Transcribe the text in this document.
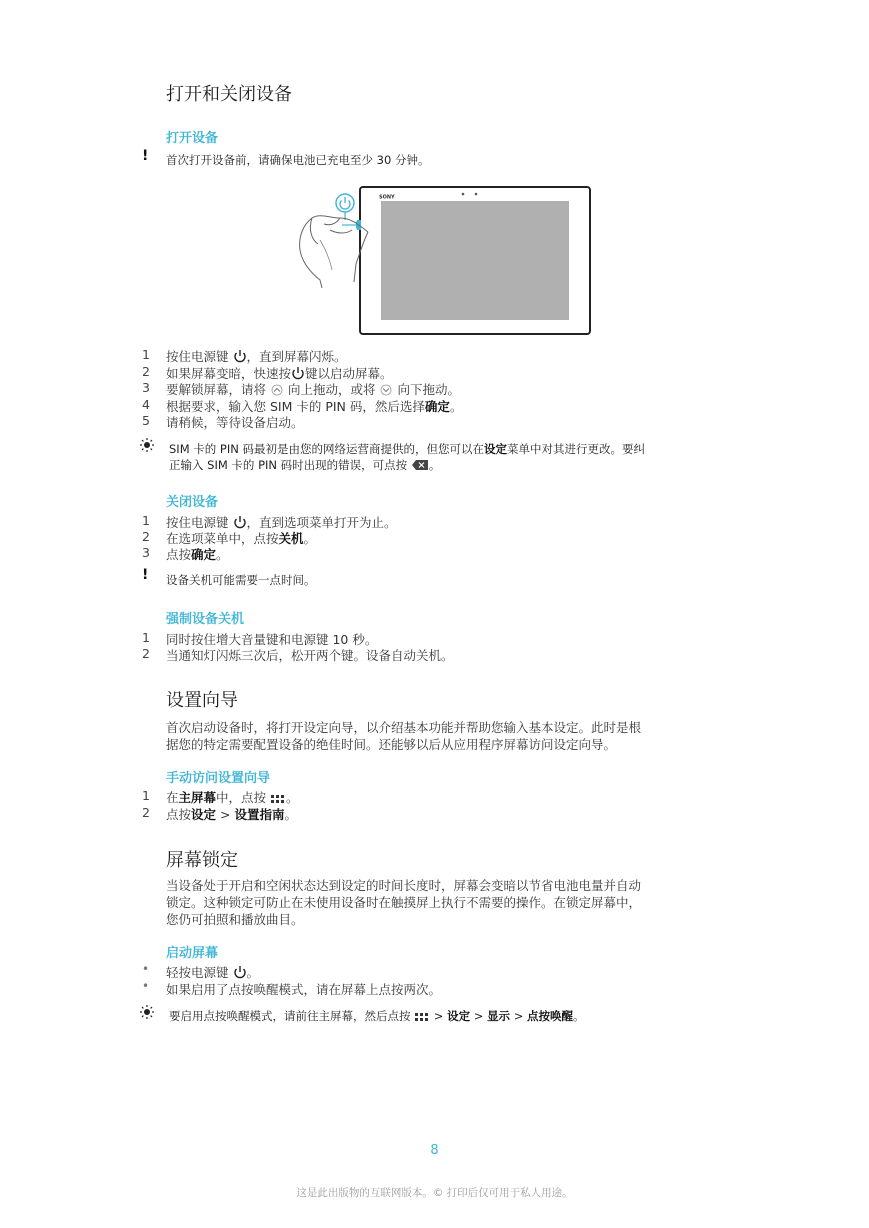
打开和关闭设备
打开设备
! 首次打开设备前，请确保电池已充电至少 30 分钟。
SONY
1 按住电源键 ，直到屏幕闪烁。
2 如果屏幕变暗，快速按 键以启动屏幕。
3 要解锁屏幕，请将 向上拖动，或将 向下拖动。
4 根据要求，输入您 SIM 卡的 PIN 码，然后选择确定。
5 请稍候，等待设备启动。
SIM 卡的 PIN 码最初是由您的网络运营商提供的，但您可以在设定菜单中对其进行更改。要纠
正输入 SIM 卡的 PIN 码时出现的错误，可点按 。
关闭设备
1 按住电源键 ，直到选项菜单打开为止。
2 在选项菜单中，点按关机。
3 点按确定。
! 设备关机可能需要一点时间。
强制设备关机
1 同时按住增大音量键和电源键 10 秒。
2 当通知灯闪烁三次后，松开两个键。设备自动关机。
设置向导
首次启动设备时，将打开设定向导，以介绍基本功能并帮助您输入基本设定。此时是根
据您的特定需要配置设备的绝佳时间。还能够以后从应用程序屏幕访问设定向导。
手动访问设置向导
1 在主屏幕中，点按 。
2 点按设定 > 设置指南。
屏幕锁定
当设备处于开启和空闲状态达到设定的时间长度时，屏幕会变暗以节省电池电量并自动
锁定。这种锁定可防止在未使用设备时在触摸屏上执行不需要的操作。在锁定屏幕中，
您仍可拍照和播放曲目。
启动屏幕
• 轻按电源键 。
• 如果启用了点按唤醒模式，请在屏幕上点按两次。
要启用点按唤醒模式，请前往主屏幕，然后点按  > 设定 > 显示 > 点按唤醒。
8
这是此出版物的互联网版本。© 打印后仅可用于私人用途。
